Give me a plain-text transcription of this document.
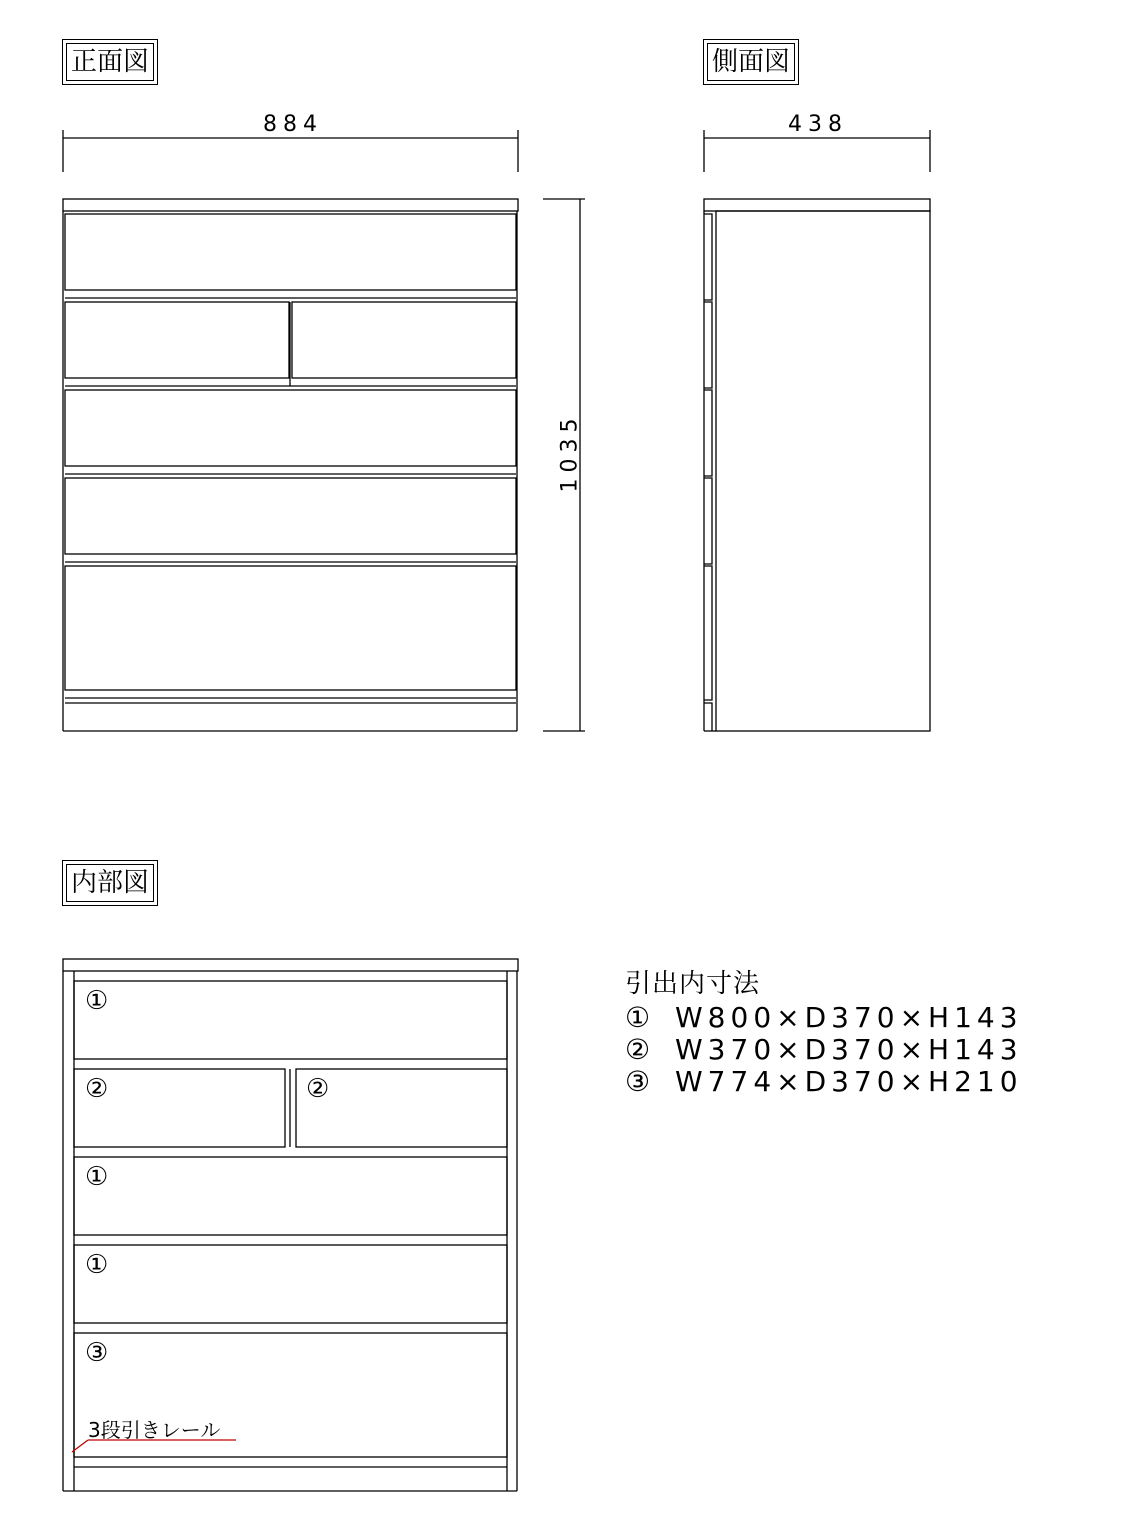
正面図	側面図
内部図
884	438
1035
①
②	②
①
①
③
3段引きレール
引出内寸法
① W800×D370×H143
② W370×D370×H143
③ W774×D370×H210
